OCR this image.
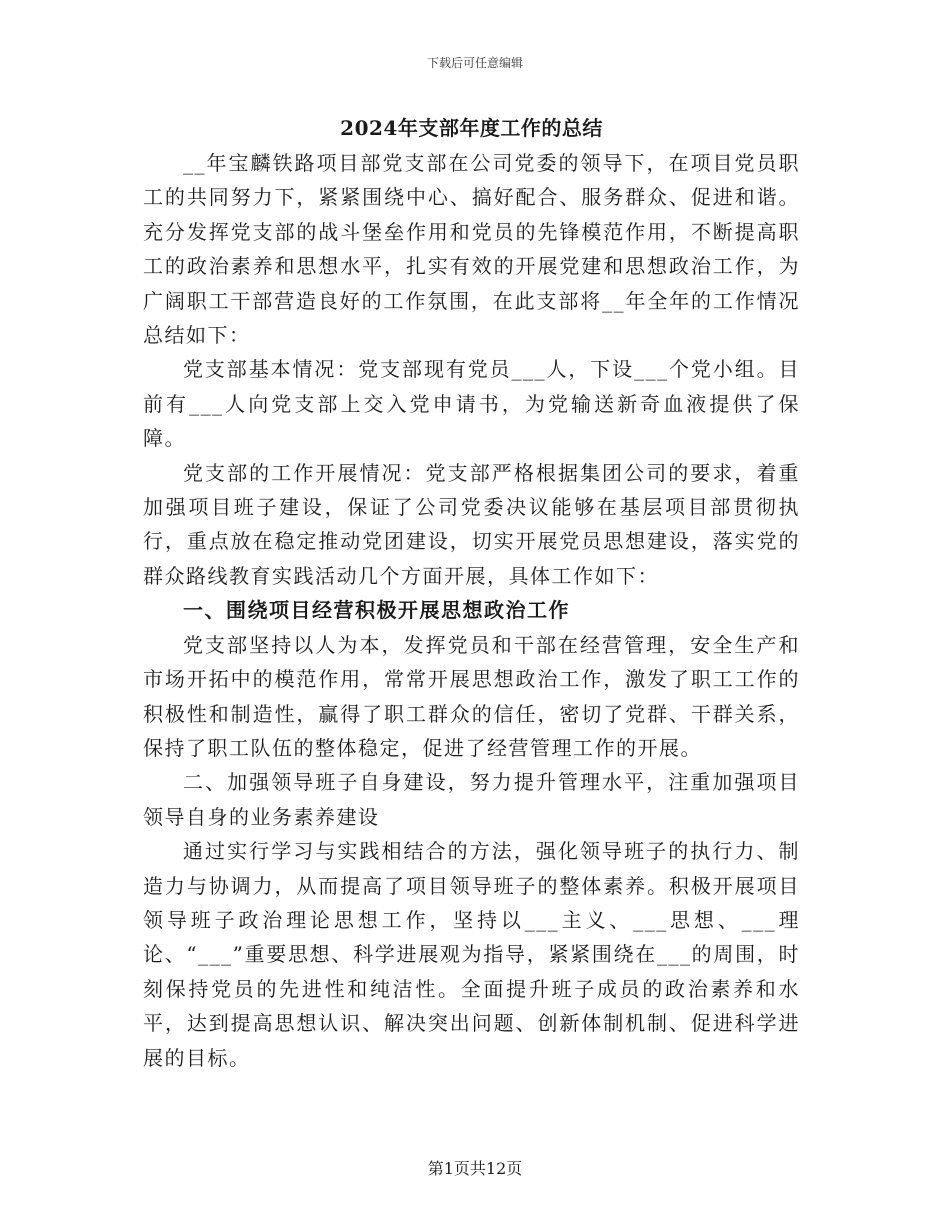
下载后可任意编辑
2024年支部年度工作的总结

__年宝麟铁路项目部党支部在公司党委的领导下，在项目党员职工的共同努力下，紧紧围绕中心、搞好配合、服务群众、促进和谐。充分发挥党支部的战斗堡垒作用和党员的先锋模范作用，不断提高职工的政治素养和思想水平，扎实有效的开展党建和思想政治工作，为广阔职工干部营造良好的工作氛围，在此支部将__年全年的工作情况总结如下：

党支部基本情况：党支部现有党员___人，下设___个党小组。目前有___人向党支部上交入党申请书，为党输送新奇血液提供了保障。

党支部的工作开展情况：党支部严格根据集团公司的要求，着重加强项目班子建设，保证了公司党委决议能够在基层项目部贯彻执行，重点放在稳定推动党团建设，切实开展党员思想建设，落实党的群众路线教育实践活动几个方面开展，具体工作如下：

一、围绕项目经营积极开展思想政治工作

党支部坚持以人为本，发挥党员和干部在经营管理，安全生产和市场开拓中的模范作用，常常开展思想政治工作，激发了职工工作的积极性和制造性，赢得了职工群众的信任，密切了党群、干群关系，保持了职工队伍的整体稳定，促进了经营管理工作的开展。

二、加强领导班子自身建设，努力提升管理水平，注重加强项目领导自身的业务素养建设

通过实行学习与实践相结合的方法，强化领导班子的执行力、制造力与协调力，从而提高了项目领导班子的整体素养。积极开展项目领导班子政治理论思想工作，坚持以___主义、___思想、___理论、“___”重要思想、科学进展观为指导，紧紧围绕在___的周围，时刻保持党员的先进性和纯洁性。全面提升班子成员的政治素养和水平，达到提高思想认识、解决突出问题、创新体制机制、促进科学进展的目标。

第1页共12页
